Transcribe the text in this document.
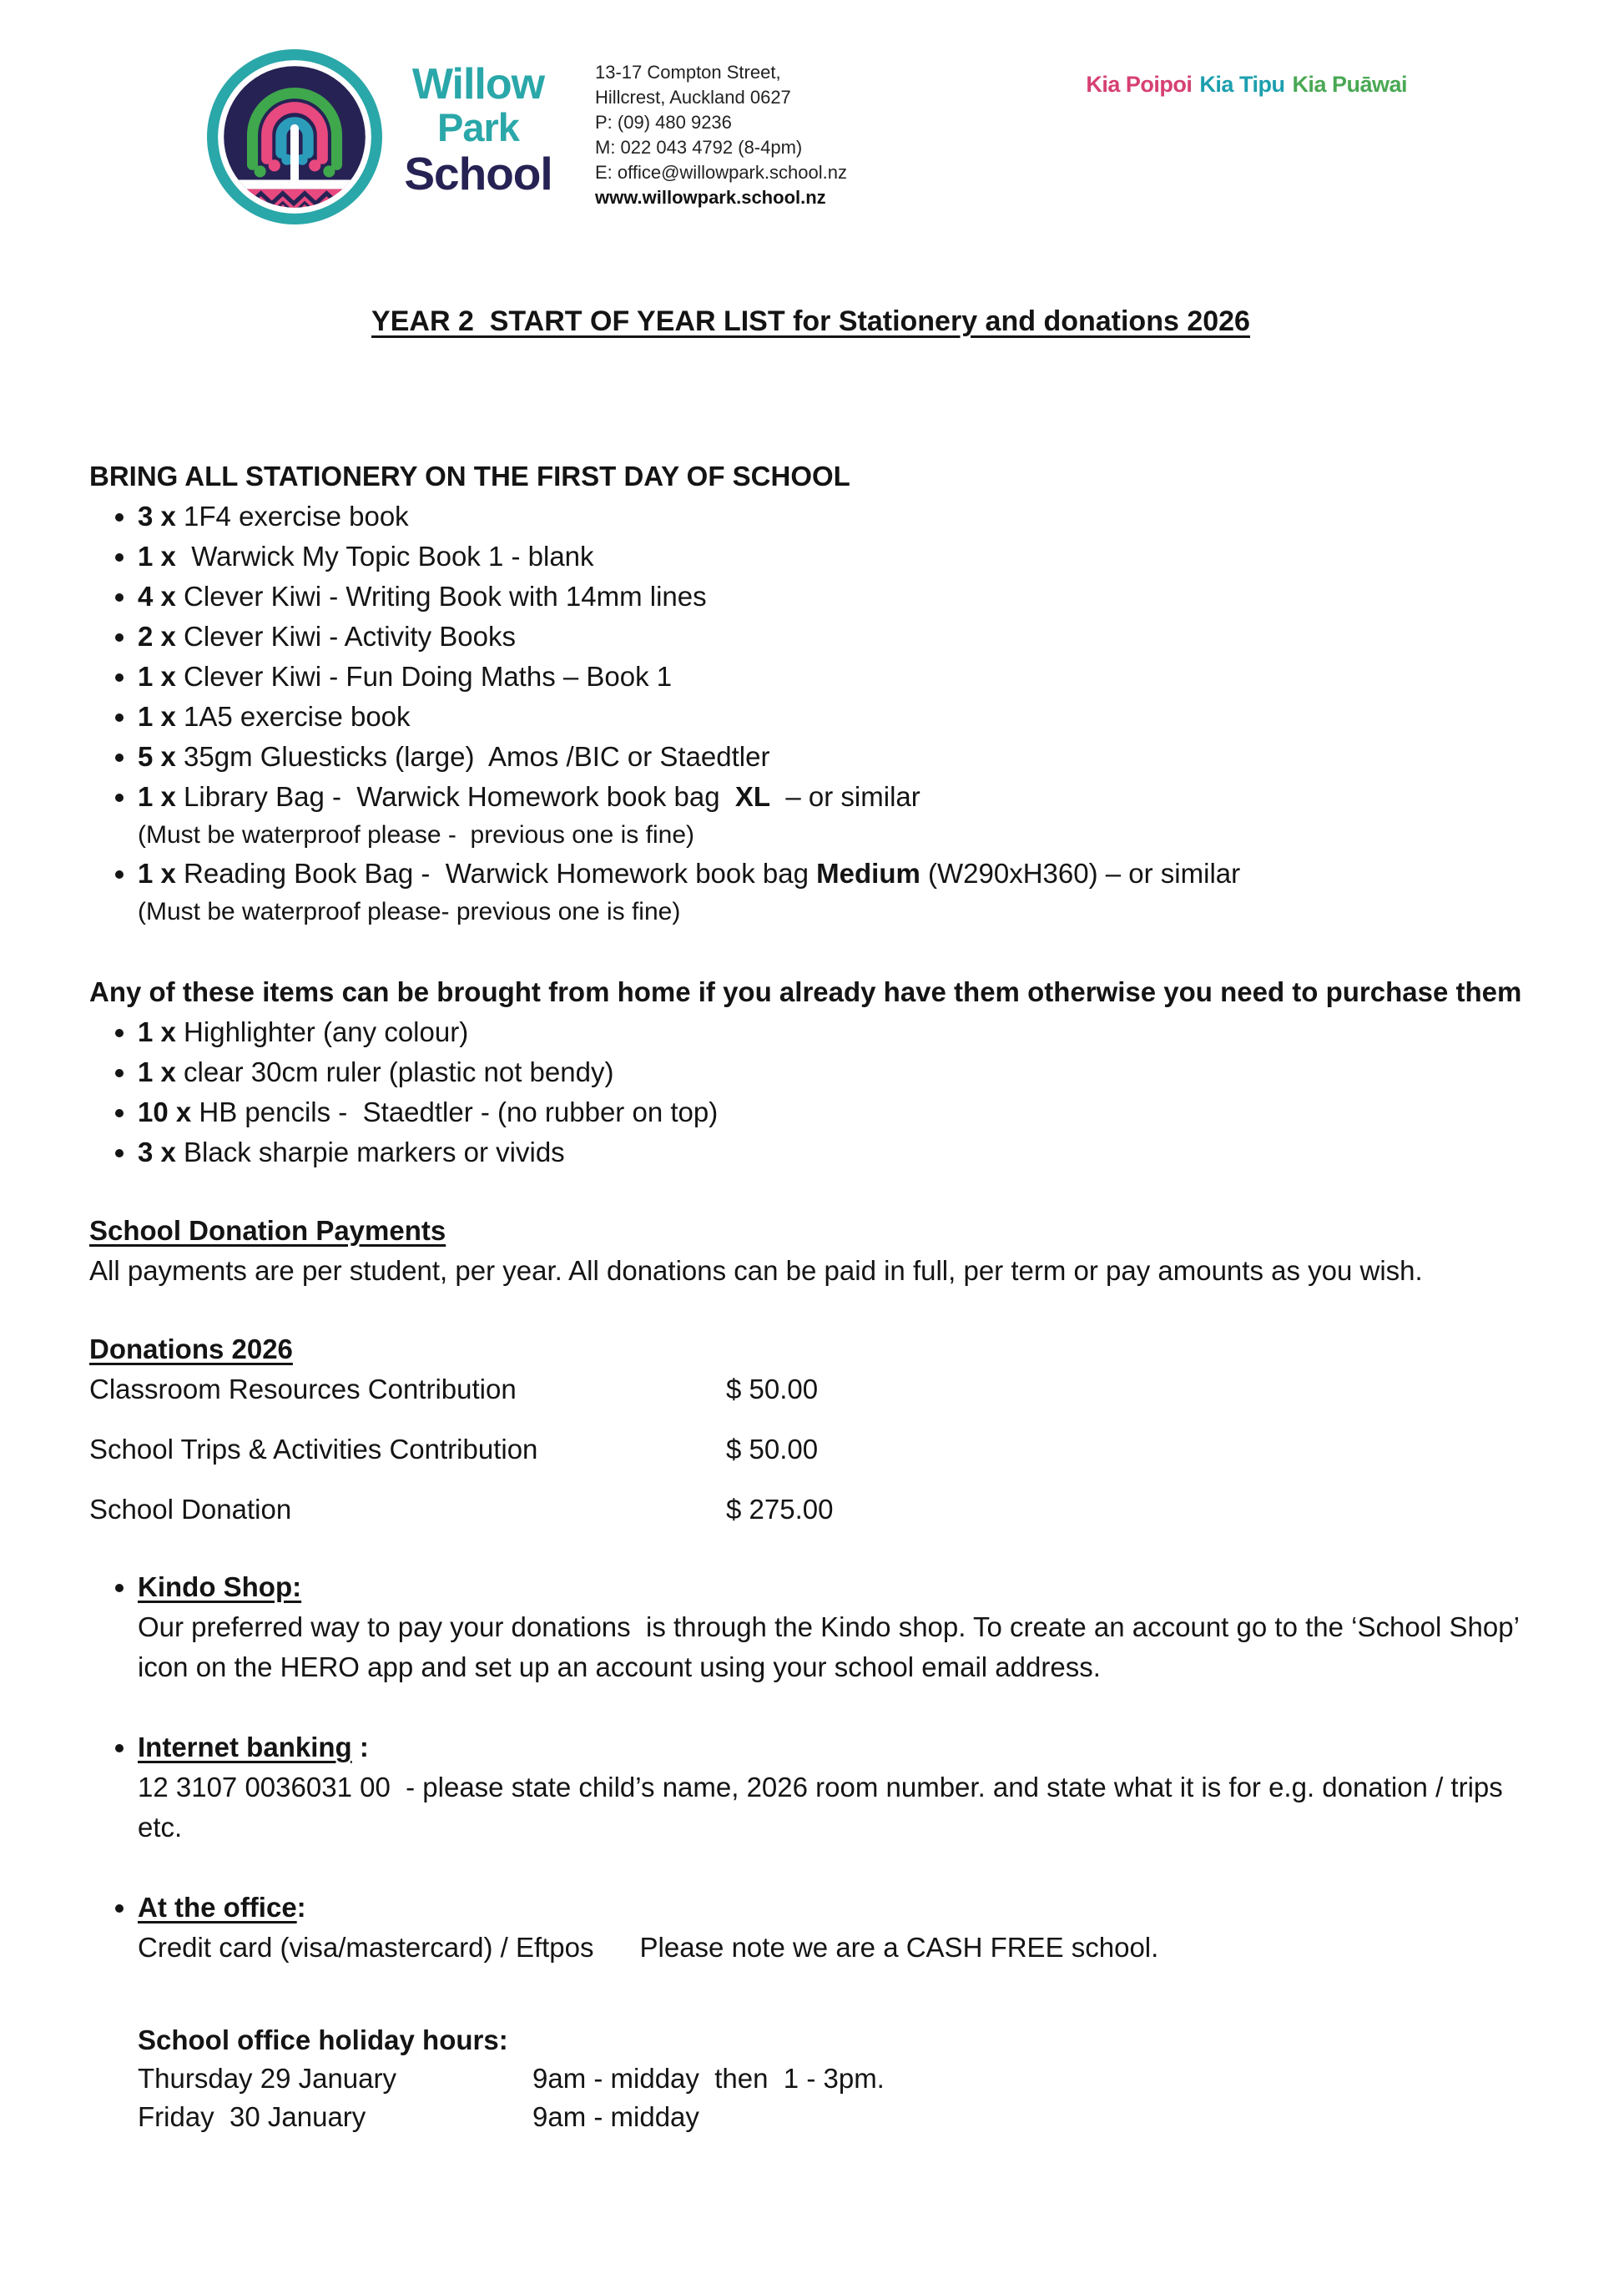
Willow
Park
School
13-17 Compton Street,
Hillcrest, Auckland 0627
P: (09) 480 9236
M: 022 043 4792 (8-4pm)
E: office@willowpark.school.nz
www.willowpark.school.nz
Kia Poipoi Kia Tipu Kia Puāwai
YEAR 2  START OF YEAR LIST for Stationery and donations 2026
BRING ALL STATIONERY ON THE FIRST DAY OF SCHOOL
• 3 x 1F4 exercise book
• 1 x  Warwick My Topic Book 1 - blank
• 4 x Clever Kiwi - Writing Book with 14mm lines
• 2 x Clever Kiwi - Activity Books
• 1 x Clever Kiwi - Fun Doing Maths – Book 1
• 1 x 1A5 exercise book
• 5 x 35gm Gluesticks (large)  Amos /BIC or Staedtler
• 1 x Library Bag -  Warwick Homework book bag  XL  – or similar
(Must be waterproof please -  previous one is fine)
• 1 x Reading Book Bag -  Warwick Homework book bag Medium (W290xH360) – or similar
(Must be waterproof please- previous one is fine)
Any of these items can be brought from home if you already have them otherwise you need to purchase them
• 1 x Highlighter (any colour)
• 1 x clear 30cm ruler (plastic not bendy)
• 10 x HB pencils -  Staedtler - (no rubber on top)
• 3 x Black sharpie markers or vivids
School Donation Payments

All payments are per student, per year. All donations can be paid in full, per term or pay amounts as you wish.

Donations 2026
Classroom Resources Contribution	$ 50.00
School Trips & Activities Contribution	$ 50.00
School Donation	$ 275.00
• Kindo Shop:
Our preferred way to pay your donations  is through the Kindo shop. To create an account go to the ‘School Shop’ icon on the HERO app and set up an account using your school email address.
• Internet banking :
12 3107 0036031 00  - please state child’s name, 2026 room number. and state what it is for e.g. donation / trips  etc.
• At the office:
Credit card (visa/mastercard) / Eftpos      Please note we are a CASH FREE school.
School office holiday hours:
Thursday 29 January	9am - midday  then  1 - 3pm.
Friday  30 January	9am - midday
